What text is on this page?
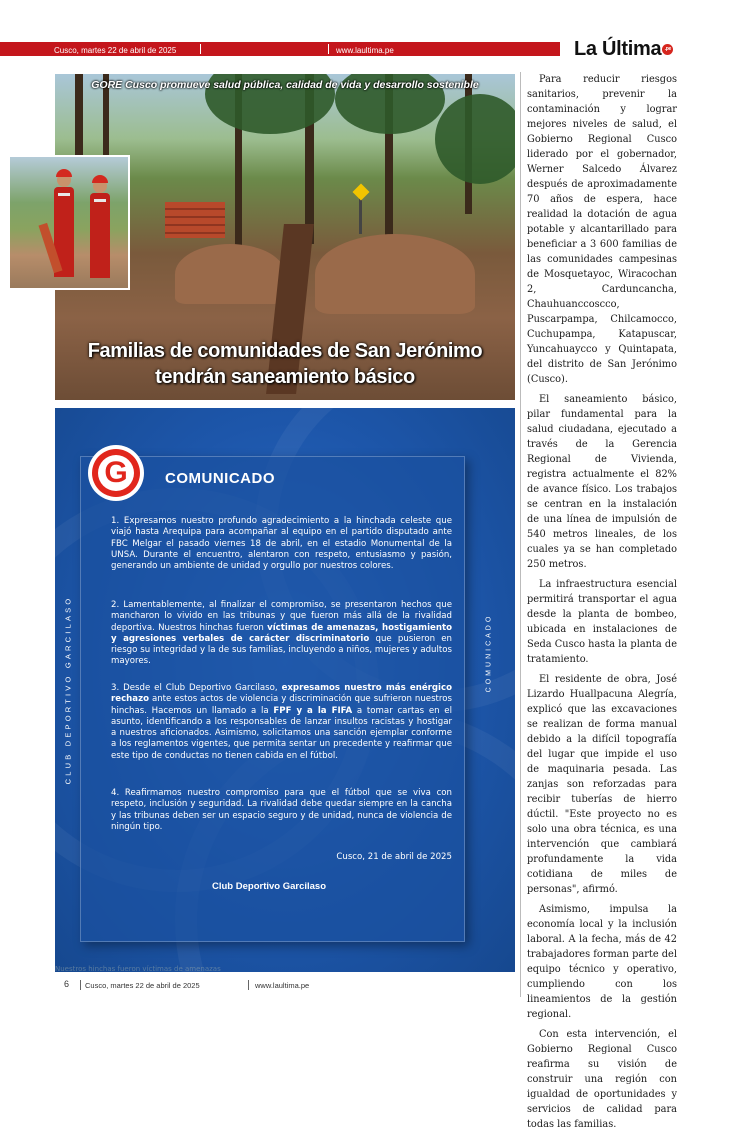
Cusco, martes 22 de abril de 2025	www.laultima.pe	La Última .pe
GORE Cusco promueve salud pública, calidad de vida y desarrollo sostenible
Familias de comunidades de San Jerónimo
tendrán saneamiento básico
G	COMUNICADO
CLUB DEPORTIVO GARCILASO	COMUNICADO
1. Expresamos nuestro profundo agradecimiento a la hinchada celeste que viajó hasta Arequipa para acompañar al equipo en el partido disputado ante FBC Melgar el pasado viernes 18 de abril, en el estadio Monumental de la UNSA. Durante el encuentro, alentaron con respeto, entusiasmo y pasión, generando un ambiente de unidad y orgullo por nuestros colores.
2. Lamentablemente, al finalizar el compromiso, se presentaron hechos que mancharon lo vivido en las tribunas y que fueron más allá de la rivalidad deportiva. Nuestros hinchas fueron víctimas de amenazas, hostigamiento y agresiones verbales de carácter discriminatorio que pusieron en riesgo su integridad y la de sus familias, incluyendo a niños, mujeres y adultos mayores.
3. Desde el Club Deportivo Garcilaso, expresamos nuestro más enérgico rechazo ante estos actos de violencia y discriminación que sufrieron nuestros hinchas. Hacemos un llamado a la FPF y a la FIFA a tomar cartas en el asunto, identificando a los responsables de lanzar insultos racistas y hostigar a nuestros aficionados. Asimismo, solicitamos una sanción ejemplar conforme a los reglamentos vigentes, que permita sentar un precedente y reafirmar que este tipo de conductas no tienen cabida en el fútbol.
4. Reafirmamos nuestro compromiso para que el fútbol que se viva con respeto, inclusión y seguridad. La rivalidad debe quedar siempre en la cancha y las tribunas deben ser un espacio seguro y de unidad, nunca de violencia de ningún tipo.
Cusco, 21 de abril de 2025
Club Deportivo Garcilaso
Nuestros hinchas fueron víctimas de amenazas

Para reducir riesgos sanitarios, prevenir la contaminación y lograr mejores niveles de salud, el Gobierno Regional Cusco liderado por el gobernador, Werner Salcedo Álvarez después de aproximadamente 70 años de espera, hace realidad la dotación de agua potable y alcantarillado para beneficiar a 3 600 familias de las comunidades campesinas de Mosquetayoc, Wiracochan 2, Carduncancha, Chauhuanccoscco, Puscarpampa, Chilcamocco, Cuchupampa, Katapuscar, Yuncahuaycco y Quintapata, del distrito de San Jerónimo (Cusco).

El saneamiento básico, pilar fundamental para la salud ciudadana, ejecutado a través de la Gerencia Regional de Vivienda, registra actualmente el 82% de avance físico. Los trabajos se centran en la instalación de una línea de impulsión de 540 metros lineales, de los cuales ya se han completado 250 metros.

La infraestructura esencial permitirá transportar el agua desde la planta de bombeo, ubicada en instalaciones de Seda Cusco hasta la planta de tratamiento.

El residente de obra, José Lizardo Huallpacuna Alegría, explicó que las excavaciones se realizan de forma manual debido a la difícil topografía del lugar que impide el uso de maquinaria pesada. Las zanjas son reforzadas para recibir tuberías de hierro dúctil. "Este proyecto no es solo una obra técnica, es una intervención que cambiará profundamente la vida cotidiana de miles de personas", afirmó.

Asimismo, impulsa la economía local y la inclusión laboral. A la fecha, más de 42 trabajadores forman parte del equipo técnico y operativo, cumpliendo con los lineamientos de la gestión regional.

Con esta intervención, el Gobierno Regional Cusco reafirma su visión de construir una región con igualdad de oportunidades y servicios de calidad para todas las familias.

6 Cusco, martes 22 de abril de 2025	www.laultima.pe
